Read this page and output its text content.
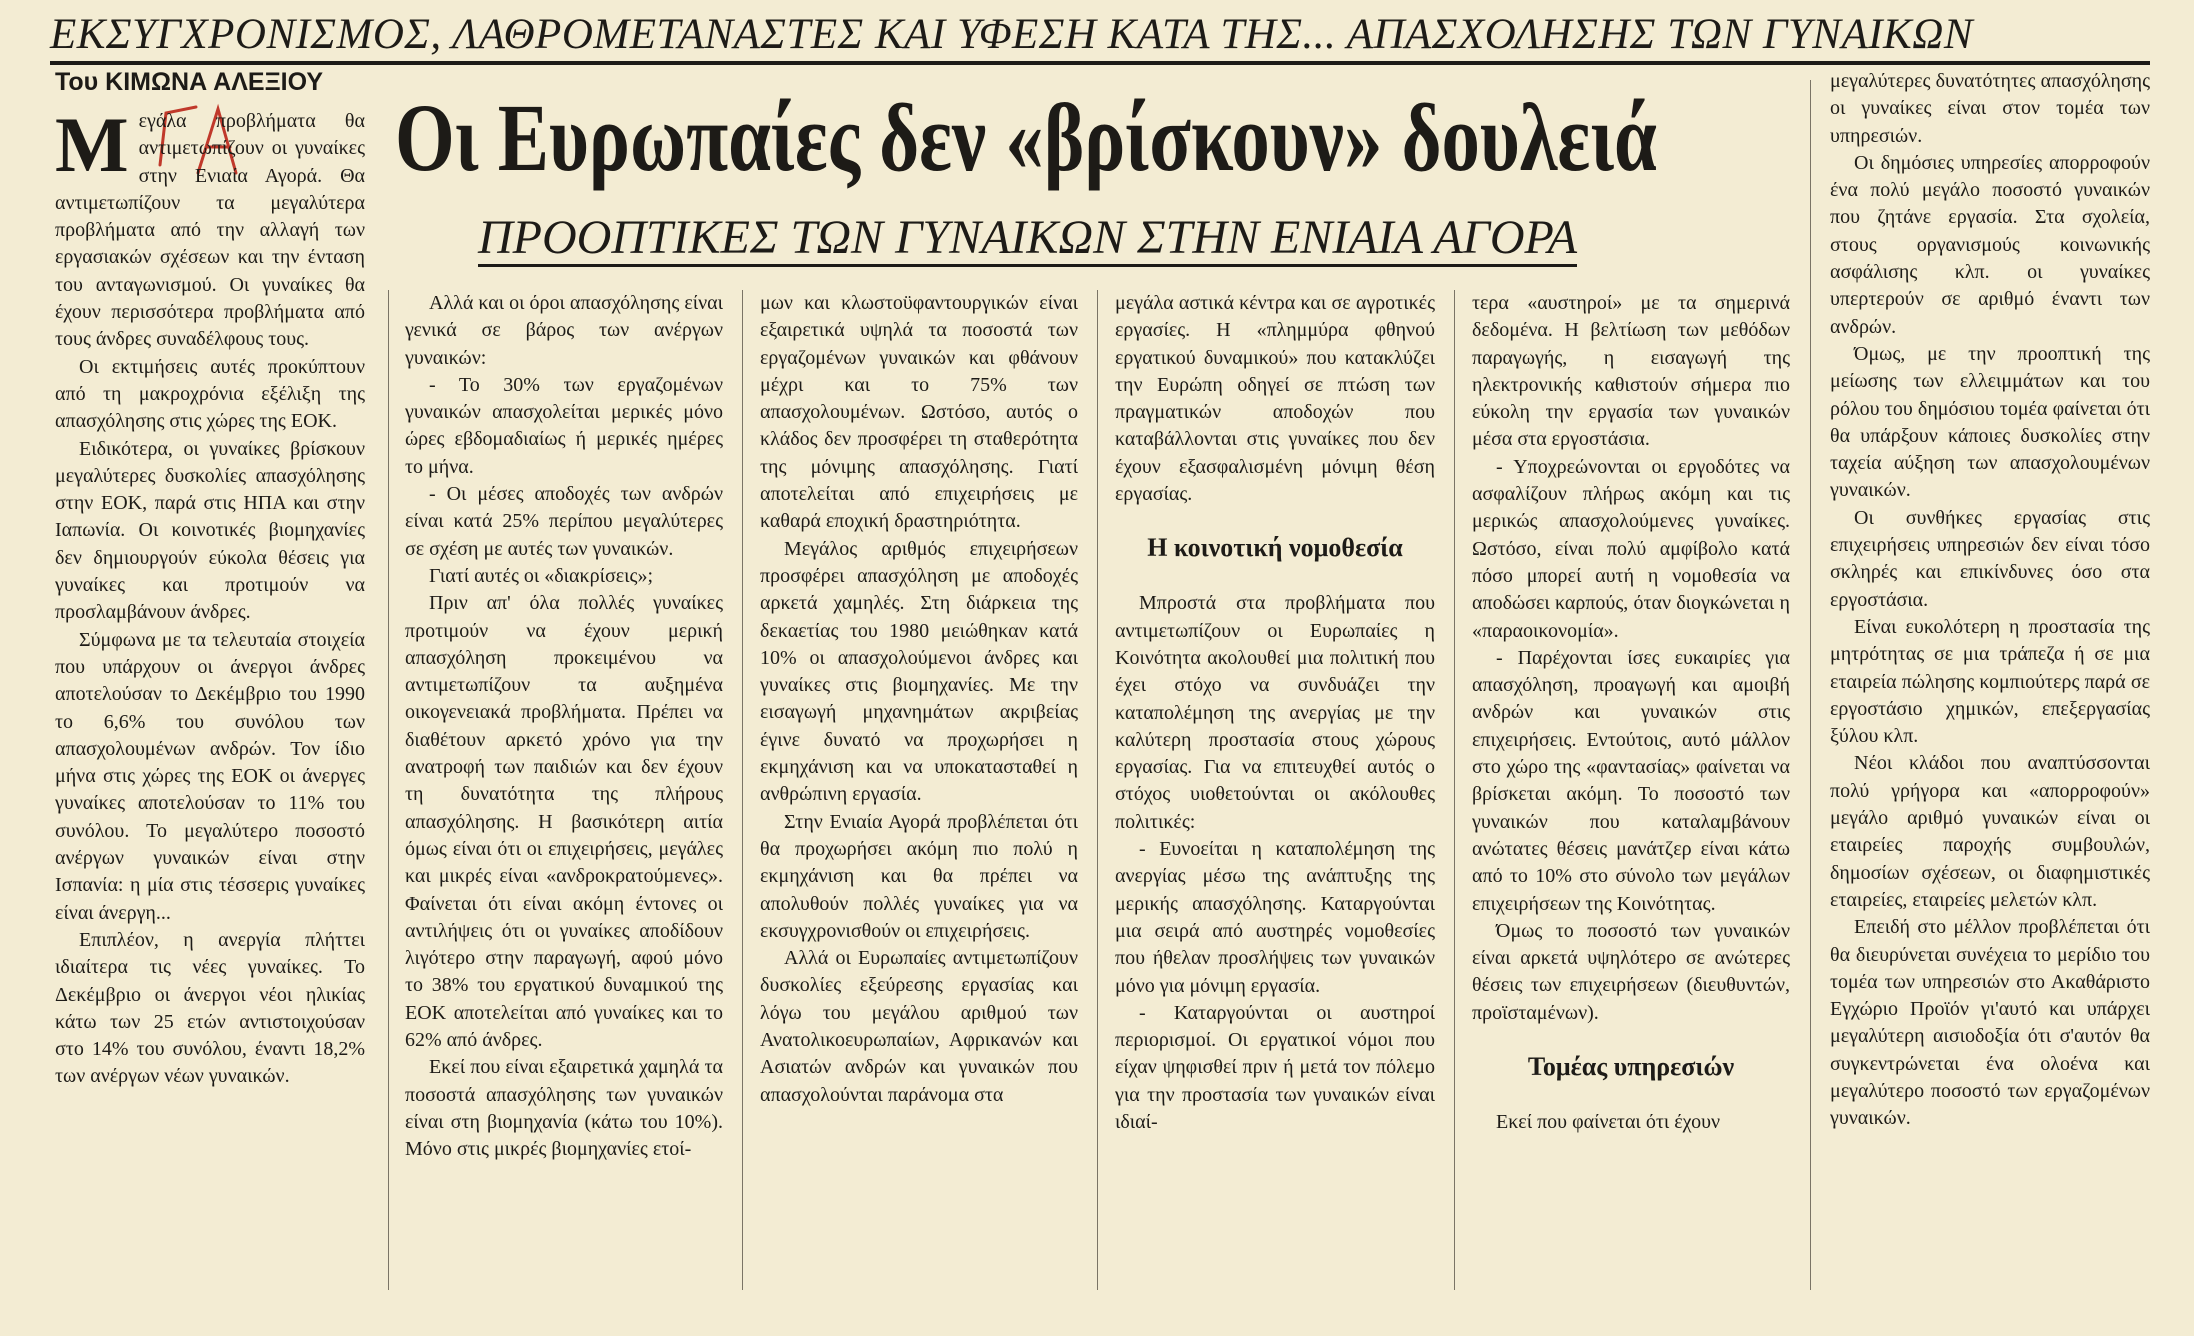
ΕΚΣΥΓΧΡΟΝΙΣΜΟΣ, ΛΑΘΡΟΜΕΤΑΝΑΣΤΕΣ ΚΑΙ ΥΦΕΣΗ ΚΑΤΑ ΤΗΣ... ΑΠΑΣΧΟΛΗΣΗΣ ΤΩΝ ΓΥΝΑΙΚΩΝ
Του ΚΙΜΩΝΑ ΑΛΕΞΙΟΥ
Οι Ευρωπαίες δεν «βρίσκουν» δουλειά
ΠΡΟΟΠΤΙΚΕΣ ΤΩΝ ΓΥΝΑΙΚΩΝ ΣΤΗΝ ΕΝΙΑΙΑ ΑΓΟΡΑ

Μεγάλα προβλήματα θα αντιμετωπίζουν οι γυναίκες στην Ενιαία Αγορά. Θα αντιμετωπίζουν τα μεγαλύτερα προβλήματα από την αλλαγή των εργασιακών σχέσεων και την ένταση του ανταγωνισμού. Οι γυναίκες θα έχουν περισσότερα προβλήματα από τους άνδρες συναδέλφους τους.

Οι εκτιμήσεις αυτές προκύπτουν από τη μακροχρόνια εξέλιξη της απασχόλησης στις χώρες της ΕΟΚ.

Ειδικότερα, οι γυναίκες βρίσκουν μεγαλύτερες δυσκολίες απασχόλησης στην ΕΟΚ, παρά στις ΗΠΑ και στην Ιαπωνία. Οι κοινοτικές βιομηχανίες δεν δημιουργούν εύκολα θέσεις για γυναίκες και προτιμούν να προσλαμβάνουν άνδρες.

Σύμφωνα με τα τελευταία στοιχεία που υπάρχουν οι άνεργοι άνδρες αποτελούσαν το Δεκέμβριο του 1990 το 6,6% του συνόλου των απασχολουμένων ανδρών. Τον ίδιο μήνα στις χώρες της ΕΟΚ οι άνεργες γυναίκες αποτελούσαν το 11% του συνόλου. Το μεγαλύτερο ποσοστό ανέργων γυναικών είναι στην Ισπανία: η μία στις τέσσερις γυναίκες είναι άνεργη...

Επιπλέον, η ανεργία πλήττει ιδιαίτερα τις νέες γυναίκες. Το Δεκέμβριο οι άνεργοι νέοι ηλικίας κάτω των 25 ετών αντιστοιχούσαν στο 14% του συνόλου, έναντι 18,2% των ανέργων νέων γυναικών.

Αλλά και οι όροι απασχόλησης είναι γενικά σε βάρος των ανέργων γυναικών:

- Το 30% των εργαζομένων γυναικών απασχολείται μερικές μόνο ώρες εβδομαδιαίως ή μερικές ημέρες το μήνα.

- Οι μέσες αποδοχές των ανδρών είναι κατά 25% περίπου μεγαλύτερες σε σχέση με αυτές των γυναικών.

Γιατί αυτές οι «διακρίσεις»;

Πριν απ' όλα πολλές γυναίκες προτιμούν να έχουν μερική απασχόληση προκειμένου να αντιμετωπίζουν τα αυξημένα οικογενειακά προβλήματα. Πρέπει να διαθέτουν αρκετό χρόνο για την ανατροφή των παιδιών και δεν έχουν τη δυνατότητα της πλήρους απασχόλησης. Η βασικότερη αιτία όμως είναι ότι οι επιχειρήσεις, μεγάλες και μικρές είναι «ανδροκρατούμενες». Φαίνεται ότι είναι ακόμη έντονες οι αντιλήψεις ότι οι γυναίκες αποδίδουν λιγότερο στην παραγωγή, αφού μόνο το 38% του εργατικού δυναμικού της ΕΟΚ αποτελείται από γυναίκες και το 62% από άνδρες.

Εκεί που είναι εξαιρετικά χαμηλά τα ποσοστά απασχόλησης των γυναικών είναι στη βιομηχανία (κάτω του 10%). Μόνο στις μικρές βιομηχανίες ετοί-

μων και κλωστοϋφαντουργικών είναι εξαιρετικά υψηλά τα ποσοστά των εργαζομένων γυναικών και φθάνουν μέχρι και το 75% των απασχολουμένων. Ωστόσο, αυτός ο κλάδος δεν προσφέρει τη σταθερότητα της μόνιμης απασχόλησης. Γιατί αποτελείται από επιχειρήσεις με καθαρά εποχική δραστηριότητα.

Μεγάλος αριθμός επιχειρήσεων προσφέρει απασχόληση με αποδοχές αρκετά χαμηλές. Στη διάρκεια της δεκαετίας του 1980 μειώθηκαν κατά 10% οι απασχολούμενοι άνδρες και γυναίκες στις βιομηχανίες. Με την εισαγωγή μηχανημάτων ακριβείας έγινε δυνατό να προχωρήσει η εκμηχάνιση και να υποκατασταθεί η ανθρώπινη εργασία.

Στην Ενιαία Αγορά προβλέπεται ότι θα προχωρήσει ακόμη πιο πολύ η εκμηχάνιση και θα πρέπει να απολυθούν πολλές γυναίκες για να εκσυγχρονισθούν οι επιχειρήσεις.

Αλλά οι Ευρωπαίες αντιμετωπίζουν δυσκολίες εξεύρεσης εργασίας και λόγω του μεγάλου αριθμού των Ανατολικοευρωπαίων, Αφρικανών και Ασιατών ανδρών και γυναικών που απασχολούνται παράνομα στα

μεγάλα αστικά κέντρα και σε αγροτικές εργασίες. Η «πλημμύρα φθηνού εργατικού δυναμικού» που κατακλύζει την Ευρώπη οδηγεί σε πτώση των πραγματικών αποδοχών που καταβάλλονται στις γυναίκες που δεν έχουν εξασφαλισμένη μόνιμη θέση εργασίας.

Η κοινοτική νομοθεσία

Μπροστά στα προβλήματα που αντιμετωπίζουν οι Ευρωπαίες η Κοινότητα ακολουθεί μια πολιτική που έχει στόχο να συνδυάζει την καταπολέμηση της ανεργίας με την καλύτερη προστασία στους χώρους εργασίας. Για να επιτευχθεί αυτός ο στόχος υιοθετούνται οι ακόλουθες πολιτικές:

- Ευνοείται η καταπολέμηση της ανεργίας μέσω της ανάπτυξης της μερικής απασχόλησης. Καταργούνται μια σειρά από αυστηρές νομοθεσίες που ήθελαν προσλήψεις των γυναικών μόνο για μόνιμη εργασία.

- Καταργούνται οι αυστηροί περιορισμοί. Οι εργατικοί νόμοι που είχαν ψηφισθεί πριν ή μετά τον πόλεμο για την προστασία των γυναικών είναι ιδιαί-

τερα «αυστηροί» με τα σημερινά δεδομένα. Η βελτίωση των μεθόδων παραγωγής, η εισαγωγή της ηλεκτρονικής καθιστούν σήμερα πιο εύκολη την εργασία των γυναικών μέσα στα εργοστάσια.

- Υποχρεώνονται οι εργοδότες να ασφαλίζουν πλήρως ακόμη και τις μερικώς απασχολούμενες γυναίκες. Ωστόσο, είναι πολύ αμφίβολο κατά πόσο μπορεί αυτή η νομοθεσία να αποδώσει καρπούς, όταν διογκώνεται η «παραοικονομία».

- Παρέχονται ίσες ευκαιρίες για απασχόληση, προαγωγή και αμοιβή ανδρών και γυναικών στις επιχειρήσεις. Εντούτοις, αυτό μάλλον στο χώρο της «φαντασίας» φαίνεται να βρίσκεται ακόμη. Το ποσοστό των γυναικών που καταλαμβάνουν ανώτατες θέσεις μανάτζερ είναι κάτω από το 10% στο σύνολο των μεγάλων επιχειρήσεων της Κοινότητας.

Όμως το ποσοστό των γυναικών είναι αρκετά υψηλότερο σε ανώτερες θέσεις των επιχειρήσεων (διευθυντών, προϊσταμένων).

Τομέας υπηρεσιών

Εκεί που φαίνεται ότι έχουν

μεγαλύτερες δυνατότητες απασχόλησης οι γυναίκες είναι στον τομέα των υπηρεσιών.

Οι δημόσιες υπηρεσίες απορροφούν ένα πολύ μεγάλο ποσοστό γυναικών που ζητάνε εργασία. Στα σχολεία, στους οργανισμούς κοινωνικής ασφάλισης κλπ. οι γυναίκες υπερτερούν σε αριθμό έναντι των ανδρών.

Όμως, με την προοπτική της μείωσης των ελλειμμάτων και του ρόλου του δημόσιου τομέα φαίνεται ότι θα υπάρξουν κάποιες δυσκολίες στην ταχεία αύξηση των απασχολουμένων γυναικών.

Οι συνθήκες εργασίας στις επιχειρήσεις υπηρεσιών δεν είναι τόσο σκληρές και επικίνδυνες όσο στα εργοστάσια.

Είναι ευκολότερη η προστασία της μητρότητας σε μια τράπεζα ή σε μια εταιρεία πώλησης κομπιούτερς παρά σε εργοστάσιο χημικών, επεξεργασίας ξύλου κλπ.

Νέοι κλάδοι που αναπτύσσονται πολύ γρήγορα και «απορροφούν» μεγάλο αριθμό γυναικών είναι οι εταιρείες παροχής συμβουλών, δημοσίων σχέσεων, οι διαφημιστικές εταιρείες, εταιρείες μελετών κλπ.

Επειδή στο μέλλον προβλέπεται ότι θα διευρύνεται συνέχεια το μερίδιο του τομέα των υπηρεσιών στο Ακαθάριστο Εγχώριο Προϊόν γι'αυτό και υπάρχει μεγαλύτερη αισιοδοξία ότι σ'αυτόν θα συγκεντρώνεται ένα ολοένα και μεγαλύτερο ποσοστό των εργαζομένων γυναικών.
